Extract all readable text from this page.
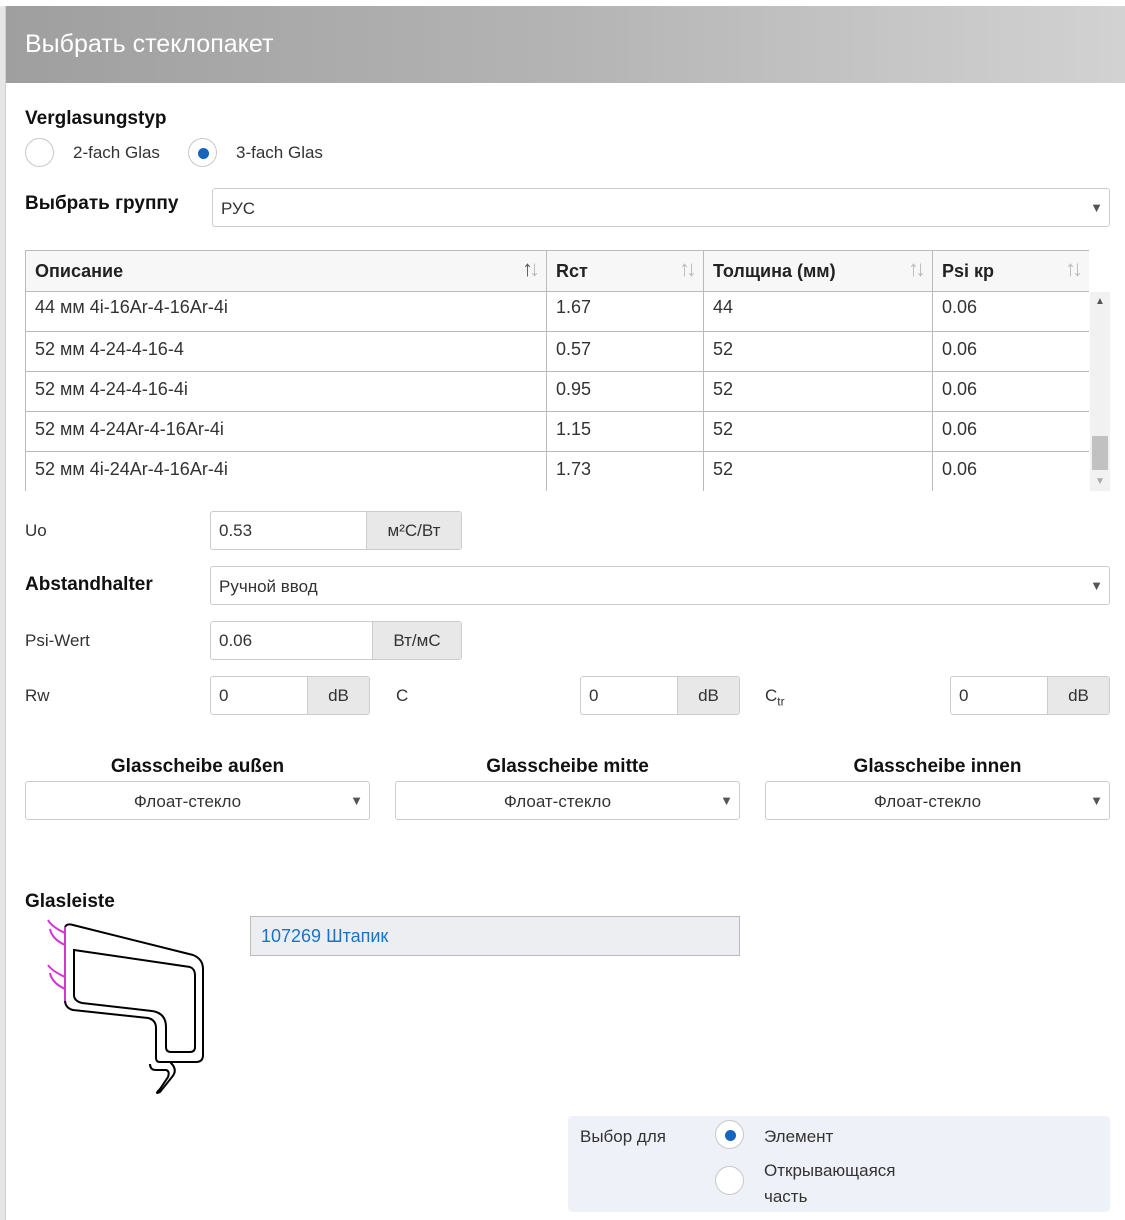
Выбрать стеклопакет
Verglasungstyp
2-fach Glas	3-fach Glas
Выбрать группу	РУС	▼
Описание	↑↓ Rст	↑↓ Толщина (мм)	↑↓ Psi кр	↑↓
44 мм 4i-16Ar-4-16Ar-4i	1.67	44	0.06
52 мм 4-24-4-16-4	0.57	52	0.06
52 мм 4-24-4-16-4i	0.95	52	0.06
52 мм 4-24Ar-4-16Ar-4i	1.15	52	0.06
52 мм 4i-24Ar-4-16Ar-4i	1.73	52	0.06
▲
▼
Uo	0.53	м²С/Вт
Abstandhalter	Ручной ввод	▼
Psi-Wert	0.06	Вт/мС
Rw	0	dB	C	0	dB	$C_{tr}$	0	dB
Glasscheibe außen
Флоат-стекло	▼
Glasscheibe mitte
Флоат-стекло	▼
Glasscheibe innen
Флоат-стекло	▼
Glasleiste
107269 Штапик
Выбор для	Элемент
Открывающаяся
часть
